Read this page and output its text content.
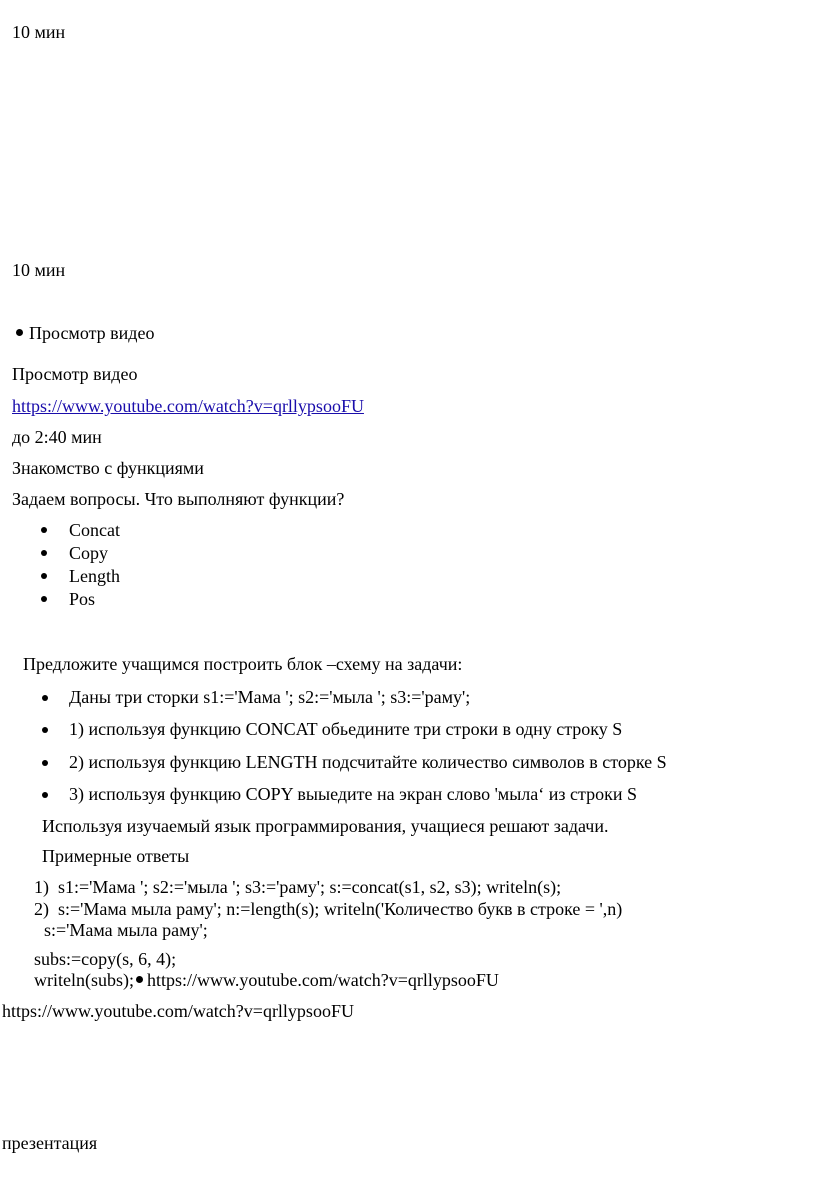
10 мин
10 мин
Просмотр видео
Просмотр видео
https://www.youtube.com/watch?v=qrllypsooFU
до 2:40 мин
Знакомство с функциями
Задаем вопросы. Что выполняют функции?
Concat
Copy
Length
Pos
Предложите учащимся построить блок –схему на задачи:
Даны три сторки s1:='Мама '; s2:='мыла '; s3:='раму';
1) используя функцию CONCAT обьедините три строки в одну строку S
2) используя функцию LENGTH подсчитайте количество символов в сторке S
3) используя функцию COPY выыедите на экран слово 'мыла‘ из строки S
Используя изучаемый язык программирования, учащиеся решают задачи.
Примерные ответы
1) s1:='Мама '; s2:='мыла '; s3:='раму'; s:=concat(s1, s2, s3); writeln(s);
2) s:='Мама мыла раму'; n:=length(s); writeln('Количество букв в строке = ',n)
s:='Мама мыла раму';
subs:=copy(s, 6, 4);
writeln(subs); https://www.youtube.com/watch?v=qrllypsooFU
https://www.youtube.com/watch?v=qrllypsooFU
презентация
